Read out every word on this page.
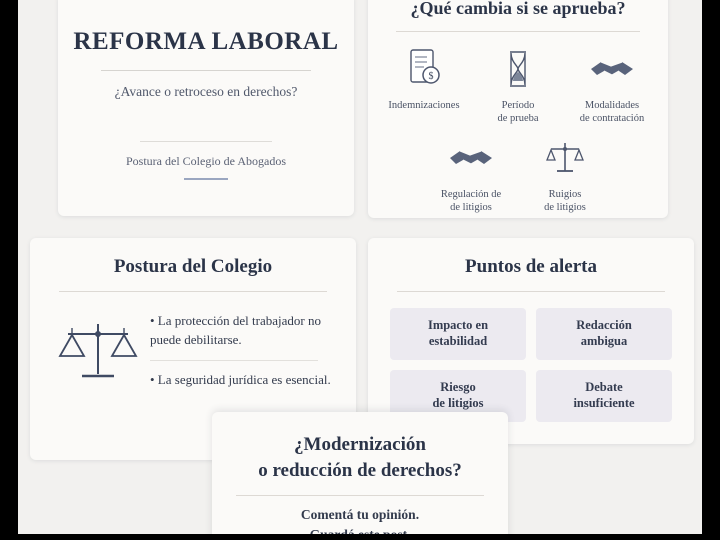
REFORMA LABORAL
¿Avance o retroceso en derechos?
Postura del Colegio de Abogados
¿Qué cambia si se aprueba?
$
Indemnizaciones	Período
de prueba
Modalidades
de contratación
Regulación de
de litigios
Ruigios
de litigios
Postura del Colegio
• La protección del trabajador no puede debilitarse.
• La seguridad jurídica es esencial.
Puntos de alerta
Impacto en
estabilidad
Redacción
ambigua
Riesgo
de litigios
Debate
insuficiente
¿Modernización
o reducción de derechos?
Comentá tu opinión.
